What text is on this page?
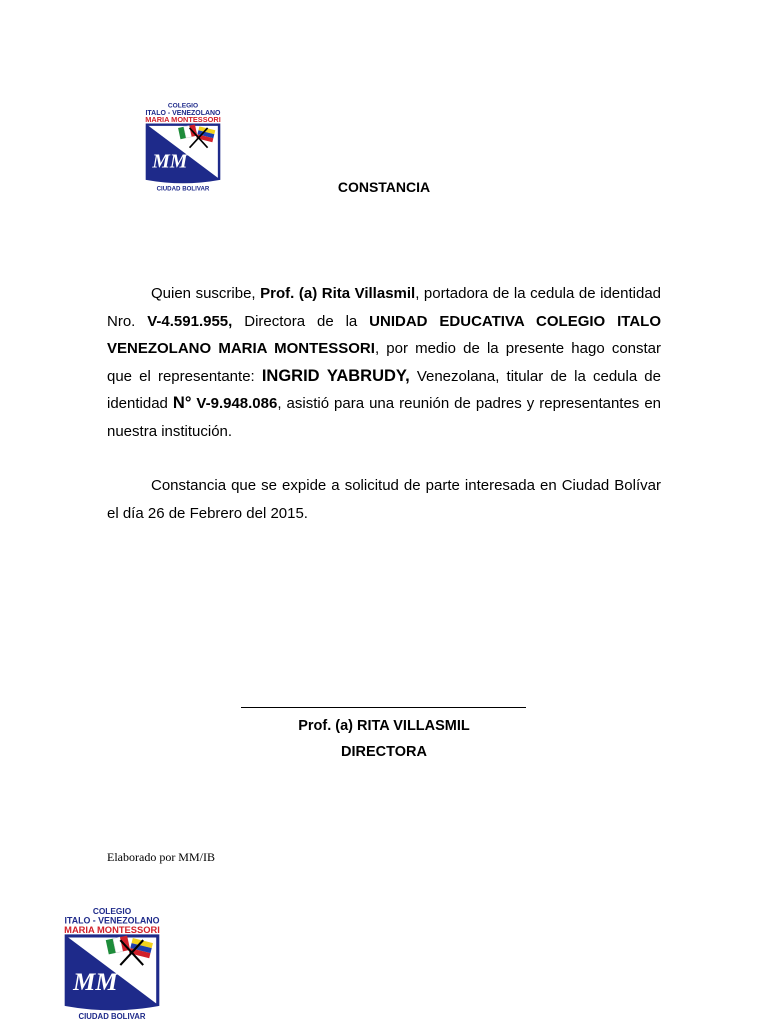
COLEGIO
ITALO - VENEZOLANO
MARIA MONTESSORI
MM
CIUDAD BOLIVAR	CONSTANCIA

Quien suscribe, Prof. (a) Rita Villasmil, portadora de la cedula de identidad Nro. V-4.591.955, Directora de la UNIDAD EDUCATIVA COLEGIO ITALO VENEZOLANO MARIA MONTESSORI, por medio de la presente hago constar que el representante: INGRID YABRUDY, Venezolana, titular de la cedula de identidad N° V-9.948.086, asistió para una reunión de padres y representantes en nuestra institución.

Constancia que se expide a solicitud de parte interesada en Ciudad Bolívar el día 26 de Febrero del 2015.

Prof. (a) RITA VILLASMIL
DIRECTORA
Elaborado por MM/IB
COLEGIO
ITALO - VENEZOLANO
MARIA MONTESSORI
MM
CIUDAD BOLIVAR
